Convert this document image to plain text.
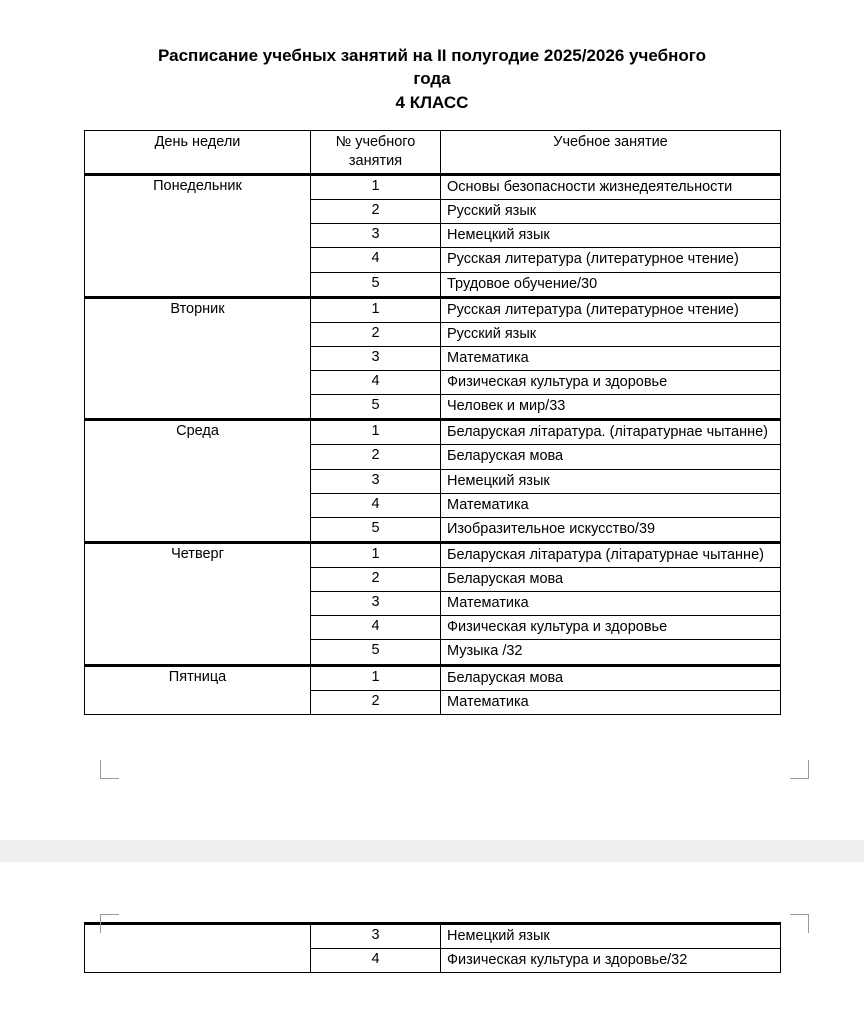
Расписание учебных занятий на II полугодие 2025/2026 учебного
года
4 КЛАСС
День недели	№ учебного занятия	Учебное занятие
Понедельник	1	Основы безопасности жизнедеятельности
	2	Русский язык
	3	Немецкий язык
	4	Русская литература (литературное чтение)
	5	Трудовое обучение/30
Вторник	1	Русская литература (литературное чтение)
	2	Русский язык
	3	Математика
	4	Физическая культура и здоровье
	5	Человек и мир/33
Среда	1	Беларуская літаратура. (літаратурнае чытанне)
	2	Беларуская мова
	3	Немецкий язык
	4	Математика
	5	Изобразительное искусство/39
Четверг	1	Беларуская літаратура (літаратурнае чытанне)
	2	Беларуская мова
	3	Математика
	4	Физическая культура и здоровье
	5	Музыка /32
Пятница	1	Беларуская мова
	2	Математика
	3	Немецкий язык
	4	Физическая культура и здоровье/32
